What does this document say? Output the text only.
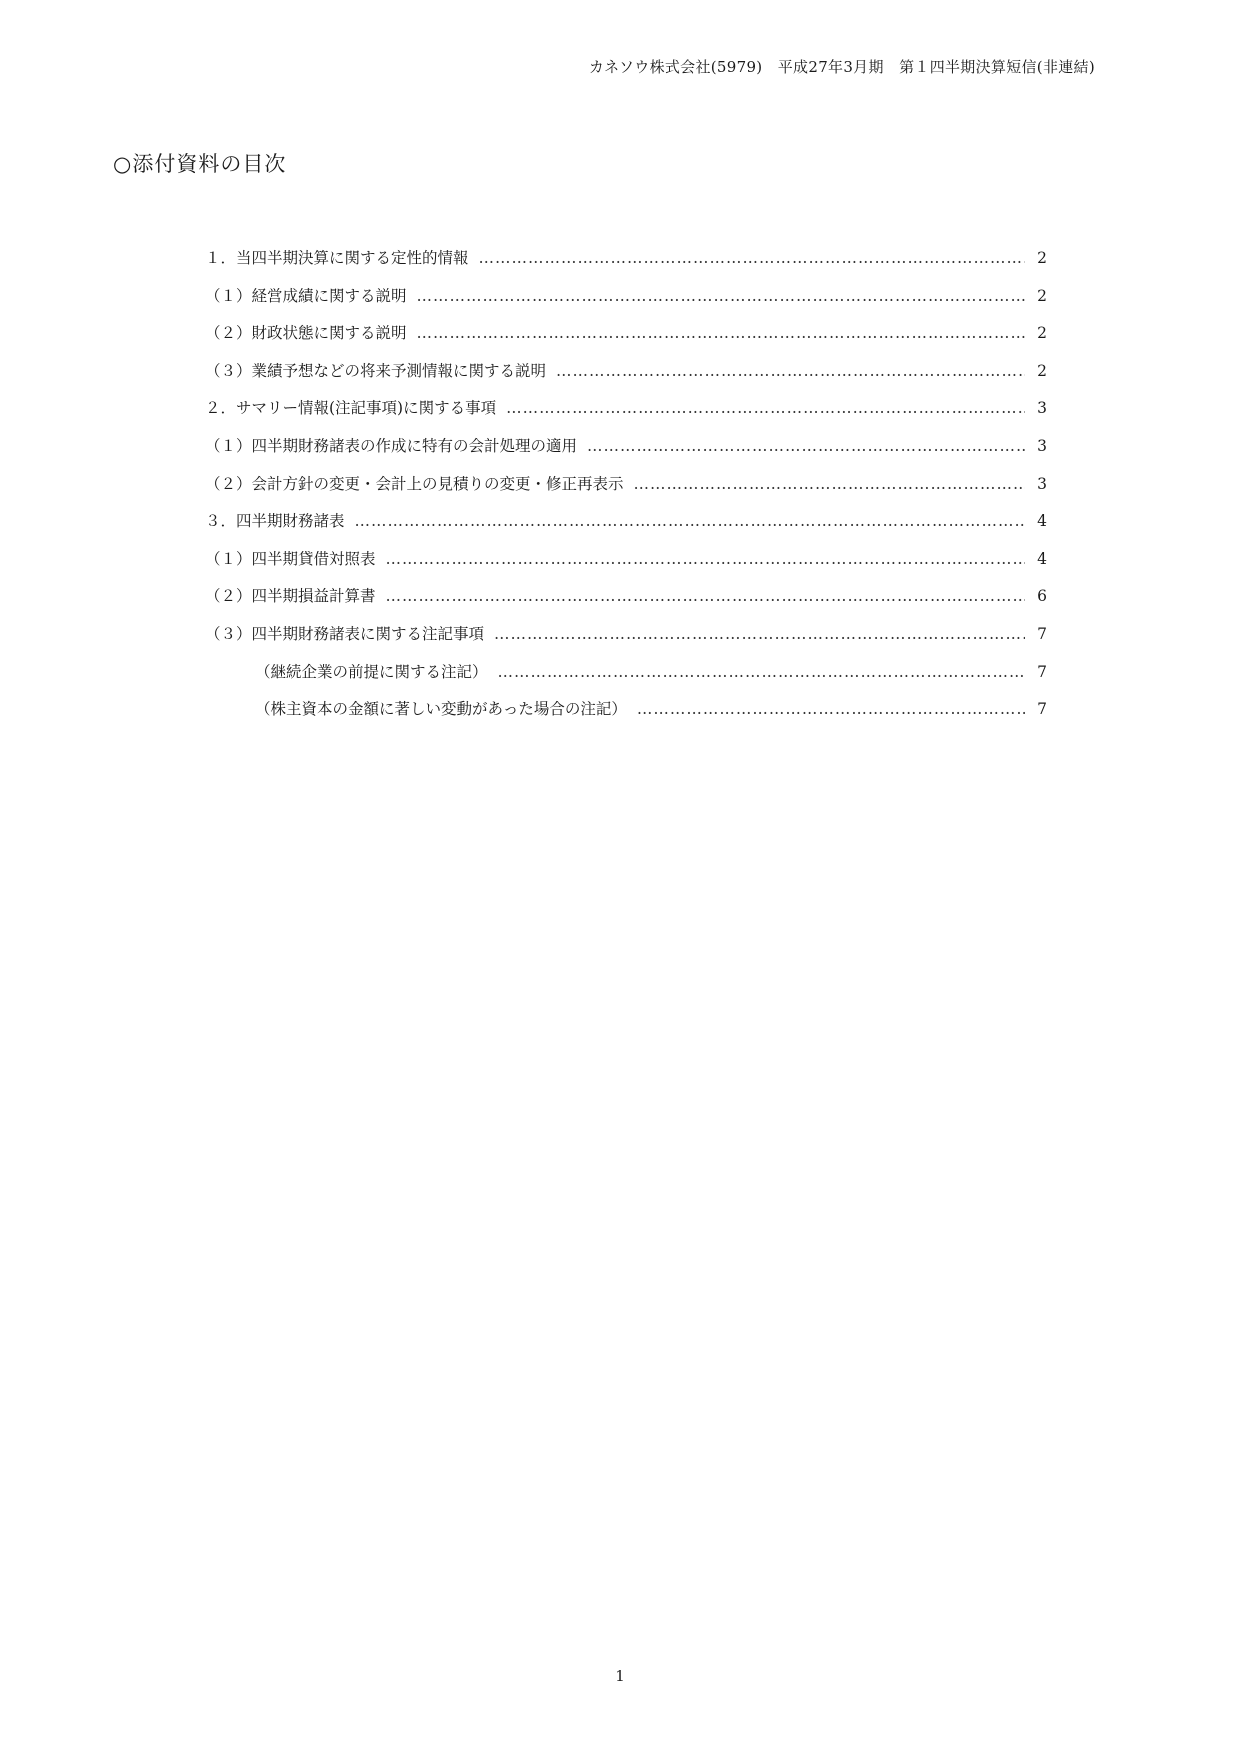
カネソウ株式会社(5979)　平成27年3月期　第１四半期決算短信(非連結)
○添付資料の目次
１．当四半期決算に関する定性的情報 …………………………………………………………………………………………………………………………………………………………………………………………………………	2
（１）経営成績に関する説明 …………………………………………………………………………………………………………………………………………………………………………………………………………	2
（２）財政状態に関する説明 …………………………………………………………………………………………………………………………………………………………………………………………………………	2
（３）業績予想などの将来予測情報に関する説明 …………………………………………………………………………………………………………………………………………………………………………………………………………	2
２．サマリー情報(注記事項)に関する事項 …………………………………………………………………………………………………………………………………………………………………………………………………………	3
（１）四半期財務諸表の作成に特有の会計処理の適用 …………………………………………………………………………………………………………………………………………………………………………………………………………	3
（２）会計方針の変更・会計上の見積りの変更・修正再表示 …………………………………………………………………………………………………………………………………………………………………………………………………………	3
３．四半期財務諸表 …………………………………………………………………………………………………………………………………………………………………………………………………………	4
（１）四半期貸借対照表 …………………………………………………………………………………………………………………………………………………………………………………………………………	4
（２）四半期損益計算書 …………………………………………………………………………………………………………………………………………………………………………………………………………	6
（３）四半期財務諸表に関する注記事項 …………………………………………………………………………………………………………………………………………………………………………………………………………	7
（継続企業の前提に関する注記） …………………………………………………………………………………………………………………………………………………………………………………………………………	7
（株主資本の金額に著しい変動があった場合の注記） …………………………………………………………………………………………………………………………………………………………………………………………………………	7
1
